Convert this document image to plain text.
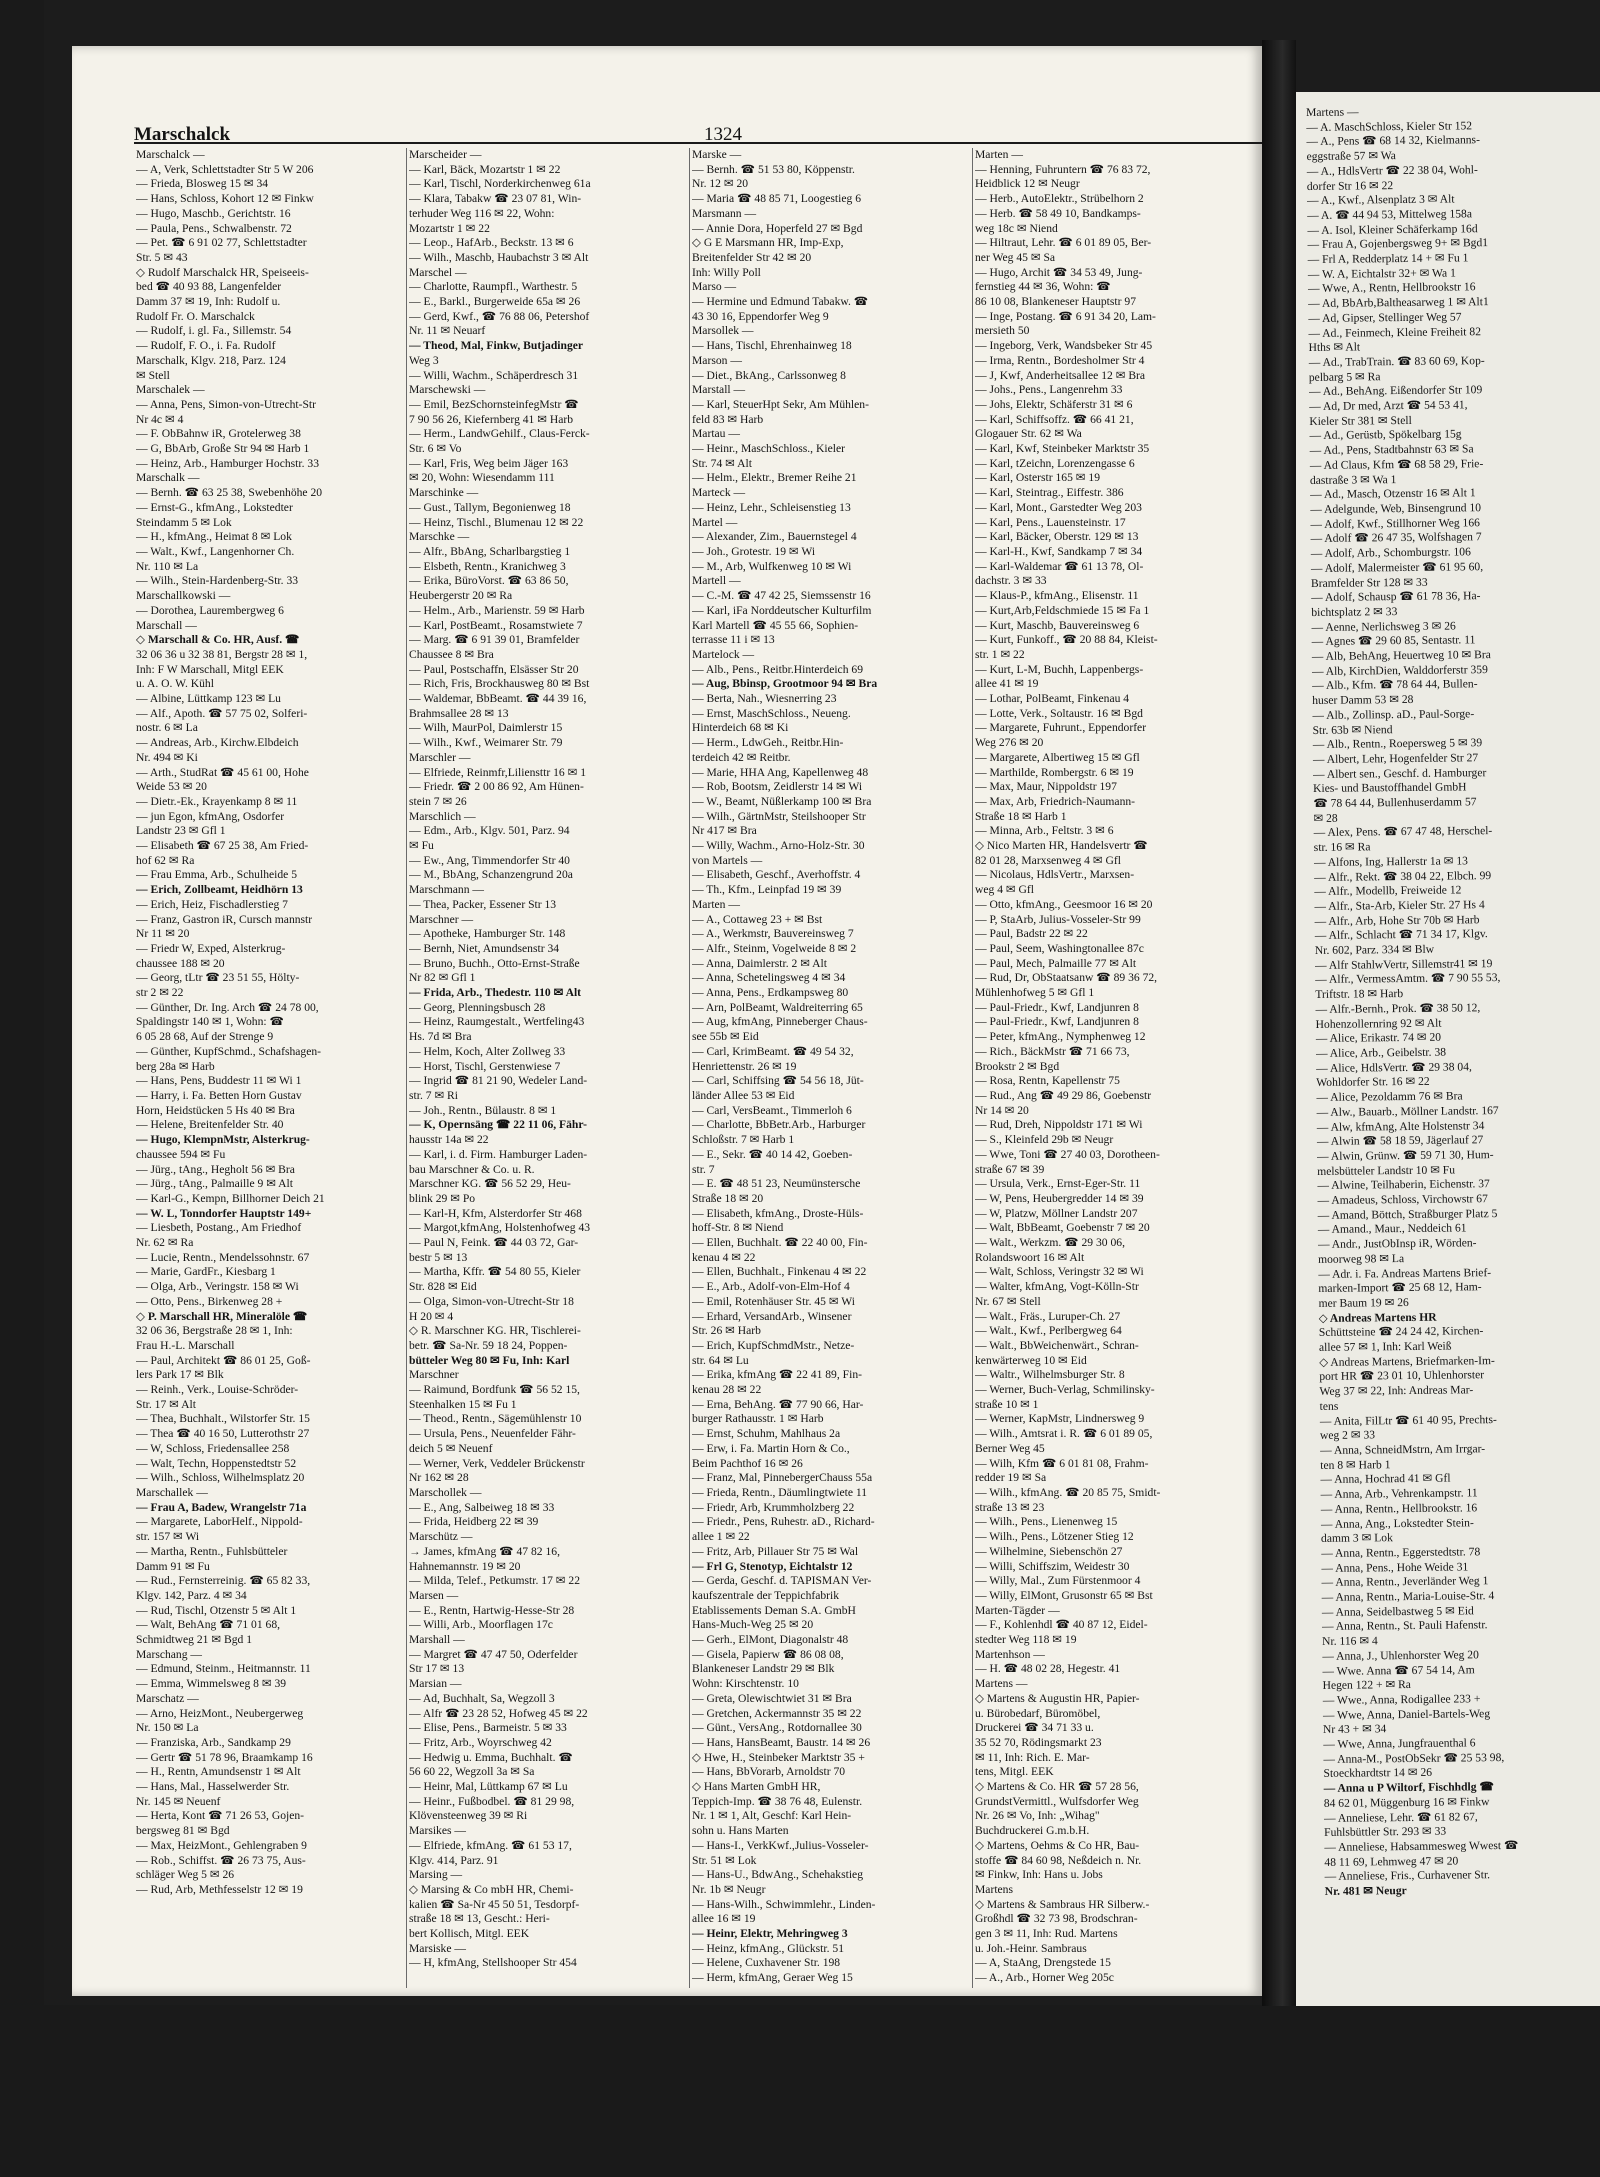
Marschalck	1324
Marschalck —
— A, Verk, Schlettstadter Str 5 W 206
— Frieda, Blosweg 15 ✉ 34
— Hans, Schloss, Kohort 12 ✉ Finkw
— Hugo, Maschb., Gerichtstr. 16
— Paula, Pens., Schwalbenstr. 72
— Pet. ☎ 6 91 02 77, Schlettstadter
Str. 5 ✉ 43
◇ Rudolf Marschalck HR, Speiseeis-
bed ☎ 40 93 88, Langenfelder
Damm 37 ✉ 19, Inh: Rudolf u.
Rudolf Fr. O. Marschalck
— Rudolf, i. gl. Fa., Sillemstr. 54
— Rudolf, F. O., i. Fa. Rudolf
Marschalk, Klgv. 218, Parz. 124
✉ Stell
Marschalek —
— Anna, Pens, Simon-von-Utrecht-Str
Nr 4c ✉ 4
— F. ObBahnw iR, Grotelerweg 38
— G, BbArb, Große Str 94 ✉ Harb 1
— Heinz, Arb., Hamburger Hochstr. 33
Marschalk —
— Bernh. ☎ 63 25 38, Swebenhöhe 20
— Ernst-G., kfmAng., Lokstedter
Steindamm 5 ✉ Lok
— H., kfmAng., Heimat 8 ✉ Lok
— Walt., Kwf., Langenhorner Ch.
Nr. 110 ✉ La
— Wilh., Stein-Hardenberg-Str. 33
Marschallkowski —
— Dorothea, Laurembergweg 6
Marschall —
◇ Marschall & Co. HR, Ausf. ☎
32 06 36 u 32 38 81, Bergstr 28 ✉ 1,
Inh: F W Marschall, Mitgl EEK
u. A. O. W. Kühl
— Albine, Lüttkamp 123 ✉ Lu
— Alf., Apoth. ☎ 57 75 02, Solferi-
nostr. 6 ✉ La
— Andreas, Arb., Kirchw.Elbdeich
Nr. 494 ✉ Ki
— Arth., StudRat ☎ 45 61 00, Hohe
Weide 53 ✉ 20
— Dietr.-Ek., Krayenkamp 8 ✉ 11
— jun Egon, kfmAng, Osdorfer
Landstr 23 ✉ Gfl 1
— Elisabeth ☎ 67 25 38, Am Fried-
hof 62 ✉ Ra
— Frau Emma, Arb., Schulheide 5
— Erich, Zollbeamt, Heidhörn 13
— Erich, Heiz, Fischadlerstieg 7
— Franz, Gastron iR, Cursch mannstr
Nr 11 ✉ 20
— Friedr W, Exped, Alsterkrug-
chaussee 188 ✉ 20
— Georg, tLtr ☎ 23 51 55, Hölty-
str 2 ✉ 22
— Günther, Dr. Ing. Arch ☎ 24 78 00,
Spaldingstr 140 ✉ 1, Wohn: ☎
6 05 28 68, Auf der Strenge 9
— Günther, KupfSchmd., Schafshagen-
berg 28a ✉ Harb
— Hans, Pens, Buddestr 11 ✉ Wi 1
— Harry, i. Fa. Betten Horn Gustav
Horn, Heidstücken 5 Hs 40 ✉ Bra
— Helene, Breitenfelder Str. 40
— Hugo, KlempnMstr, Alsterkrug-
chaussee 594 ✉ Fu
— Jürg., tAng., Hegholt 56 ✉ Bra
— Jürg., tAng., Palmaille 9 ✉ Alt
— Karl-G., Kempn, Billhorner Deich 21
— W. L, Tonndorfer Hauptstr 149+
— Liesbeth, Postang., Am Friedhof
Nr. 62 ✉ Ra
— Lucie, Rentn., Mendelssohnstr. 67
— Marie, GardFr., Kiesbarg 1
— Olga, Arb., Veringstr. 158 ✉ Wi
— Otto, Pens., Birkenweg 28 +
◇ P. Marschall HR, Mineralöle ☎
32 06 36, Bergstraße 28 ✉ 1, Inh:
Frau H.-L. Marschall
— Paul, Architekt ☎ 86 01 25, Goß-
lers Park 17 ✉ Blk
— Reinh., Verk., Louise-Schröder-
Str. 17 ✉ Alt
— Thea, Buchhalt., Wilstorfer Str. 15
— Thea ☎ 40 16 50, Lutterothstr 27
— W, Schloss, Friedensallee 258
— Walt, Techn, Hoppenstedtstr 52
— Wilh., Schloss, Wilhelmsplatz 20
Marschallek —
— Frau A, Badew, Wrangelstr 71a
— Margarete, LaborHelf., Nippold-
str. 157 ✉ Wi
— Martha, Rentn., Fuhlsbütteler
Damm 91 ✉ Fu
— Rud., Fernsterreinig. ☎ 65 82 33,
Klgv. 142, Parz. 4 ✉ 34
— Rud, Tischl, Otzenstr 5 ✉ Alt 1
— Walt, BehAng ☎ 71 01 68,
Schmidtweg 21 ✉ Bgd 1
Marschang —
— Edmund, Steinm., Heitmannstr. 11
— Emma, Wimmelsweg 8 ✉ 39
Marschatz —
— Arno, HeizMont., Neubergerweg
Nr. 150 ✉ La
— Franziska, Arb., Sandkamp 29
— Gertr ☎ 51 78 96, Braamkamp 16
— H., Rentn, Amundsenstr 1 ✉ Alt
— Hans, Mal., Hasselwerder Str.
Nr. 145 ✉ Neuenf
— Herta, Kont ☎ 71 26 53, Gojen-
bergsweg 81 ✉ Bgd
— Max, HeizMont., Gehlengraben 9
— Rob., Schiffst. ☎ 26 73 75, Aus-
schläger Weg 5 ✉ 26
— Rud, Arb, Methfesselstr 12 ✉ 19
Marscheider —
— Karl, Bäck, Mozartstr 1 ✉ 22
— Karl, Tischl, Norderkirchenweg 61a
— Klara, Tabakw ☎ 23 07 81, Win-
terhuder Weg 116 ✉ 22, Wohn:
Mozartstr 1 ✉ 22
— Leop., HafArb., Beckstr. 13 ✉ 6
— Wilh., Maschb, Haubachstr 3 ✉ Alt
Marschel —
— Charlotte, Raumpfl., Warthestr. 5
— E., Barkl., Burgerweide 65a ✉ 26
— Gerd, Kwf., ☎ 76 88 06, Petershof
Nr. 11 ✉ Neuarf
— Theod, Mal, Finkw, Butjadinger
Weg 3
— Willi, Wachm., Schäperdresch 31
Marschewski —
— Emil, BezSchornsteinfegMstr ☎
7 90 56 26, Kiefernberg 41 ✉ Harb
— Herm., LandwGehilf., Claus-Ferck-
Str. 6 ✉ Vo
— Karl, Fris, Weg beim Jäger 163
✉ 20, Wohn: Wiesendamm 111
Marschinke —
— Gust., Tallym, Begonienweg 18
— Heinz, Tischl., Blumenau 12 ✉ 22
Marschke —
— Alfr., BbAng, Scharlbargstieg 1
— Elsbeth, Rentn., Kranichweg 3
— Erika, BüroVorst. ☎ 63 86 50,
Heubergerstr 20 ✉ Ra
— Helm., Arb., Marienstr. 59 ✉ Harb
— Karl, PostBeamt., Rosamstwiete 7
— Marg. ☎ 6 91 39 01, Bramfelder
Chaussee 8 ✉ Bra
— Paul, Postschaffn, Elsässer Str 20
— Rich, Fris, Brockhausweg 80 ✉ Bst
— Waldemar, BbBeamt. ☎ 44 39 16,
Brahmsallee 28 ✉ 13
— Wilh, MaurPol, Daimlerstr 15
— Wilh., Kwf., Weimarer Str. 79
Marschler —
— Elfriede, Reinmfr,Liliensttr 16 ✉ 1
— Friedr. ☎ 2 00 86 92, Am Hünen-
stein 7 ✉ 26
Marschlich —
— Edm., Arb., Klgv. 501, Parz. 94
✉ Fu
— Ew., Ang, Timmendorfer Str 40
— M., BbAng, Schanzengrund 20a
Marschmann —
— Thea, Packer, Essener Str 13
Marschner —
— Apotheke, Hamburger Str. 148
— Bernh, Niet, Amundsenstr 34
— Bruno, Buchh., Otto-Ernst-Straße
Nr 82 ✉ Gfl 1
— Frida, Arb., Thedestr. 110 ✉ Alt
— Georg, Plenningsbusch 28
— Heinz, Raumgestalt., Wertfeling43
Hs. 7d ✉ Bra
— Helm, Koch, Alter Zollweg 33
— Horst, Tischl, Gerstenwiese 7
— Ingrid ☎ 81 21 90, Wedeler Land-
str. 7 ✉ Ri
— Joh., Rentn., Bülaustr. 8 ✉ 1
— K, Opernsäng ☎ 22 11 06, Fähr-
hausstr 14a ✉ 22
— Karl, i. d. Firm. Hamburger Laden-
bau Marschner & Co. u. R.
Marschner KG. ☎ 56 52 29, Heu-
blink 29 ✉ Po
— Karl-H, Kfm, Alsterdorfer Str 468
— Margot,kfmAng, Holstenhofweg 43
— Paul N, Feink. ☎ 44 03 72, Gar-
bestr 5 ✉ 13
— Martha, Kffr. ☎ 54 80 55, Kieler
Str. 828 ✉ Eid
— Olga, Simon-von-Utrecht-Str 18
H 20 ✉ 4
◇ R. Marschner KG. HR, Tischlerei-
betr. ☎ Sa-Nr. 59 18 24, Poppen-
bütteler Weg 80 ✉ Fu, Inh: Karl
Marschner
— Raimund, Bordfunk ☎ 56 52 15,
Steenhalken 15 ✉ Fu 1
— Theod., Rentn., Sägemühlenstr 10
— Ursula, Pens., Neuenfelder Fähr-
deich 5 ✉ Neuenf
— Werner, Verk, Veddeler Brückenstr
Nr 162 ✉ 28
Marschollek —
— E., Ang, Salbeiweg 18 ✉ 33
— Frida, Heidberg 22 ✉ 39
Marschütz —
→ James, kfmAng ☎ 47 82 16,
Hahnemannstr. 19 ✉ 20
— Milda, Telef., Petkumstr. 17 ✉ 22
Marsen —
— E., Rentn, Hartwig-Hesse-Str 28
— Willi, Arb., Moorflagen 17c
Marshall —
— Margret ☎ 47 47 50, Oderfelder
Str 17 ✉ 13
Marsian —
— Ad, Buchhalt, Sa, Wegzoll 3
— Alfr ☎ 23 28 52, Hofweg 45 ✉ 22
— Elise, Pens., Barmeistr. 5 ✉ 33
— Fritz, Arb., Woyrschweg 42
— Hedwig u. Emma, Buchhalt. ☎
56 60 22, Wegzoll 3a ✉ Sa
— Heinr, Mal, Lüttkamp 67 ✉ Lu
— Heinr., Fußbodbel. ☎ 81 29 98,
Klövensteenweg 39 ✉ Ri
Marsikes —
— Elfriede, kfmAng. ☎ 61 53 17,
Klgv. 414, Parz. 91
Marsing —
◇ Marsing & Co mbH HR, Chemi-
kalien ☎ Sa-Nr 45 50 51, Tesdorpf-
straße 18 ✉ 13, Gescht.: Heri-
bert Kollisch, Mitgl. EEK
Marsiske —
— H, kfmAng, Stellshooper Str 454
Marske —
— Bernh. ☎ 51 53 80, Köppenstr.
Nr. 12 ✉ 20
— Maria ☎ 48 85 71, Loogestieg 6
Marsmann —
— Annie Dora, Hoperfeld 27 ✉ Bgd
◇ G E Marsmann HR, Imp-Exp,
Breitenfelder Str 42 ✉ 20
Inh: Willy Poll
Marso —
— Hermine und Edmund Tabakw. ☎
43 30 16, Eppendorfer Weg 9
Marsollek —
— Hans, Tischl, Ehrenhainweg 18
Marson —
— Diet., BkAng., Carlssonweg 8
Marstall —
— Karl, SteuerHpt Sekr, Am Mühlen-
feld 83 ✉ Harb
Martau —
— Heinr., MaschSchloss., Kieler
Str. 74 ✉ Alt
— Helm., Elektr., Bremer Reihe 21
Marteck —
— Heinz, Lehr., Schleisenstieg 13
Martel —
— Alexander, Zim., Bauernstegel 4
— Joh., Grotestr. 19 ✉ Wi
— M., Arb, Wulfkenweg 10 ✉ Wi
Martell —
— C.-M. ☎ 47 42 25, Siemssenstr 16
— Karl, iFa Norddeutscher Kulturfilm
Karl Martell ☎ 45 55 66, Sophien-
terrasse 11 i ✉ 13
Martelock —
— Alb., Pens., Reitbr.Hinterdeich 69
— Aug, Bbinsp, Grootmoor 94 ✉ Bra
— Berta, Nah., Wiesnerring 23
— Ernst, MaschSchloss., Neueng.
Hinterdeich 68 ✉ Ki
— Herm., LdwGeh., Reitbr.Hin-
terdeich 42 ✉ Reitbr.
— Marie, HHA Ang, Kapellenweg 48
— Rob, Bootsm, Zeidlerstr 14 ✉ Wi
— W., Beamt, Nüßlerkamp 100 ✉ Bra
— Wilh., GärtnMstr, Steilshooper Str
Nr 417 ✉ Bra
— Willy, Wachm., Arno-Holz-Str. 30
von Martels —
— Elisabeth, Geschf., Averhoffstr. 4
— Th., Kfm., Leinpfad 19 ✉ 39
Marten —
— A., Cottaweg 23 + ✉ Bst
— A., Werkmstr, Bauvereinsweg 7
— Alfr., Steinm, Vogelweide 8 ✉ 2
— Anna, Daimlerstr. 2 ✉ Alt
— Anna, Schetelingsweg 4 ✉ 34
— Anna, Pens., Erdkampsweg 80
— Arn, PolBeamt, Waldreiterring 65
— Aug, kfmAng, Pinneberger Chaus-
see 55b ✉ Eid
— Carl, KrimBeamt. ☎ 49 54 32,
Henriettenstr. 26 ✉ 19
— Carl, Schiffsing ☎ 54 56 18, Jüt-
länder Allee 53 ✉ Eid
— Carl, VersBeamt., Timmerloh 6
— Charlotte, BbBetr.Arb., Harburger
Schloßstr. 7 ✉ Harb 1
— E., Sekr. ☎ 40 14 42, Goeben-
str. 7
— E. ☎ 48 51 23, Neumünstersche
Straße 18 ✉ 20
— Elisabeth, kfmAng., Droste-Hüls-
hoff-Str. 8 ✉ Niend
— Ellen, Buchhalt. ☎ 22 40 00, Fin-
kenau 4 ✉ 22
— Ellen, Buchhalt., Finkenau 4 ✉ 22
— E., Arb., Adolf-von-Elm-Hof 4
— Emil, Rotenhäuser Str. 45 ✉ Wi
— Erhard, VersandArb., Winsener
Str. 26 ✉ Harb
— Erich, KupfSchmdMstr., Netze-
str. 64 ✉ Lu
— Erika, kfmAng ☎ 22 41 89, Fin-
kenau 28 ✉ 22
— Erna, BehAng. ☎ 77 90 66, Har-
burger Rathausstr. 1 ✉ Harb
— Ernst, Schuhm, Mahlhaus 2a
— Erw, i. Fa. Martin Horn & Co.,
Beim Pachthof 16 ✉ 26
— Franz, Mal, PinnebergerChauss 55a
— Frieda, Rentn., Däumlingtwiete 11
— Friedr, Arb, Krummholzberg 22
— Friedr., Pens, Ruhestr. aD., Richard-
allee 1 ✉ 22
— Fritz, Arb, Pillauer Str 75 ✉ Wal
— Frl G, Stenotyp, Eichtalstr 12
— Gerda, Geschf. d. TAPISMAN Ver-
kaufszentrale der Teppichfabrik
Etablissements Deman S.A. GmbH
Hans-Much-Weg 25 ✉ 20
— Gerh., ElMont, Diagonalstr 48
— Gisela, Papierw ☎ 86 08 08,
Blankeneser Landstr 29 ✉ Blk
Wohn: Kirschtenstr. 10
— Greta, Olewischtwiet 31 ✉ Bra
— Gretchen, Ackermannstr 35 ✉ 22
— Günt., VersAng., Rotdornallee 30
— Hans, HansBeamt, Baustr. 14 ✉ 26
◇ Hwe, H., Steinbeker Marktstr 35 +
— Hans, BbVorarb, Arnoldstr 70
◇ Hans Marten GmbH HR,
Teppich-Imp. ☎ 38 76 48, Eulenstr.
Nr. 1 ✉ 1, Alt, Geschf: Karl Hein-
sohn u. Hans Marten
— Hans-I., VerkKwf.,Julius-Vosseler-
Str. 51 ✉ Lok
— Hans-U., BdwAng., Schehakstieg
Nr. 1b ✉ Neugr
— Hans-Wilh., Schwimmlehr., Linden-
allee 16 ✉ 19
— Heinr, Elektr, Mehringweg 3
— Heinz, kfmAng., Glückstr. 51
— Helene, Cuxhavener Str. 198
— Herm, kfmAng, Geraer Weg 15
Marten —
— Henning, Fuhruntern ☎ 76 83 72,
Heidblick 12 ✉ Neugr
— Herb., AutoElektr., Strübelhorn 2
— Herb. ☎ 58 49 10, Bandkamps-
weg 18c ✉ Niend
— Hiltraut, Lehr. ☎ 6 01 89 05, Ber-
ner Weg 45 ✉ Sa
— Hugo, Archit ☎ 34 53 49, Jung-
fernstieg 44 ✉ 36, Wohn: ☎
86 10 08, Blankeneser Hauptstr 97
— Inge, Postang. ☎ 6 91 34 20, Lam-
mersieth 50
— Ingeborg, Verk, Wandsbeker Str 45
— Irma, Rentn., Bordesholmer Str 4
— J, Kwf, Anderheitsallee 12 ✉ Bra
— Johs., Pens., Langenrehm 33
— Johs, Elektr, Schäferstr 31 ✉ 6
— Karl, Schiffsoffz. ☎ 66 41 21,
Glogauer Str. 62 ✉ Wa
— Karl, Kwf, Steinbeker Marktstr 35
— Karl, tZeichn, Lorenzengasse 6
— Karl, Osterstr 165 ✉ 19
— Karl, Steintrag., Eiffestr. 386
— Karl, Mont., Garstedter Weg 203
— Karl, Pens., Lauensteinstr. 17
— Karl, Bäcker, Oberstr. 129 ✉ 13
— Karl-H., Kwf, Sandkamp 7 ✉ 34
— Karl-Waldemar ☎ 61 13 78, Ol-
dachstr. 3 ✉ 33
— Klaus-P., kfmAng., Elisenstr. 11
— Kurt,Arb,Feldschmiede 15 ✉ Fa 1
— Kurt, Maschb, Bauvereinsweg 6
— Kurt, Funkoff., ☎ 20 88 84, Kleist-
str. 1 ✉ 22
— Kurt, L-M, Buchh, Lappenbergs-
allee 41 ✉ 19
— Lothar, PolBeamt, Finkenau 4
— Lotte, Verk., Soltaustr. 16 ✉ Bgd
— Margarete, Fuhrunt., Eppendorfer
Weg 276 ✉ 20
— Margarete, Albertiweg 15 ✉ Gfl
— Marthilde, Rombergstr. 6 ✉ 19
— Max, Maur, Nippoldstr 197
— Max, Arb, Friedrich-Naumann-
Straße 18 ✉ Harb 1
— Minna, Arb., Feltstr. 3 ✉ 6
◇ Nico Marten HR, Handelsvertr ☎
82 01 28, Marxsenweg 4 ✉ Gfl
— Nicolaus, HdlsVertr., Marxsen-
weg 4 ✉ Gfl
— Otto, kfmAng., Geesmoor 16 ✉ 20
— P, StaArb, Julius-Vosseler-Str 99
— Paul, Badstr 22 ✉ 22
— Paul, Seem, Washingtonallee 87c
— Paul, Mech, Palmaille 77 ✉ Alt
— Rud, Dr, ObStaatsanw ☎ 89 36 72,
Mühlenhofweg 5 ✉ Gfl 1
— Paul-Friedr., Kwf, Landjunren 8
— Paul-Friedr., Kwf, Landjunren 8
— Peter, kfmAng., Nymphenweg 12
— Rich., BäckMstr ☎ 71 66 73,
Brookstr 2 ✉ Bgd
— Rosa, Rentn, Kapellenstr 75
— Rud., Ang ☎ 49 29 86, Goebenstr
Nr 14 ✉ 20
— Rud, Dreh, Nippoldstr 171 ✉ Wi
— S., Kleinfeld 29b ✉ Neugr
— Wwe, Toni ☎ 27 40 03, Dorotheen-
straße 67 ✉ 39
— Ursula, Verk., Ernst-Eger-Str. 11
— W, Pens, Heubergredder 14 ✉ 39
— W, Platzw, Möllner Landstr 207
— Walt, BbBeamt, Goebenstr 7 ✉ 20
— Walt., Werkzm. ☎ 29 30 06,
Rolandswoort 16 ✉ Alt
— Walt, Schloss, Veringstr 32 ✉ Wi
— Walter, kfmAng, Vogt-Kölln-Str
Nr. 67 ✉ Stell
— Walt., Fräs., Luruper-Ch. 27
— Walt., Kwf., Perlbergweg 64
— Walt., BbWeichenwärt., Schran-
kenwärterweg 10 ✉ Eid
— Waltr., Wilhelmsburger Str. 8
— Werner, Buch-Verlag, Schmilinsky-
straße 10 ✉ 1
— Werner, KapMstr, Lindnersweg 9
— Wilh., Amtsrat i. R. ☎ 6 01 89 05,
Berner Weg 45
— Wilh, Kfm ☎ 6 01 81 08, Frahm-
redder 19 ✉ Sa
— Wilh., kfmAng. ☎ 20 85 75, Smidt-
straße 13 ✉ 23
— Wilh., Pens., Lienenweg 15
— Wilh., Pens., Lötzener Stieg 12
— Wilhelmine, Siebenschön 27
— Willi, Schiffszim, Weidestr 30
— Willy, Mal., Zum Fürstenmoor 4
— Willy, ElMont, Grusonstr 65 ✉ Bst
Marten-Tägder —
— F., Kohlenhdl ☎ 40 87 12, Eidel-
stedter Weg 118 ✉ 19
Martenhson —
— H. ☎ 48 02 28, Hegestr. 41
Martens —
◇ Martens & Augustin HR, Papier-
u. Bürobedarf, Büromöbel,
Druckerei ☎ 34 71 33 u.
35 52 70, Rödingsmarkt 23
✉ 11, Inh: Rich. E. Mar-
tens, Mitgl. EEK
◇ Martens & Co. HR ☎ 57 28 56,
GrundstVermittl., Wulfsdorfer Weg
Nr. 26 ✉ Vo, Inh: „Wihag"
Buchdruckerei G.m.b.H.
◇ Martens, Oehms & Co HR, Bau-
stoffe ☎ 84 60 98, Neßdeich n. Nr.
✉ Finkw, Inh: Hans u. Jobs
Martens
◇ Martens & Sambraus HR Silberw.-
Großhdl ☎ 32 73 98, Brodschran-
gen 3 ✉ 11, Inh: Rud. Martens
u. Joh.-Heinr. Sambraus
— A, StaAng, Drengstede 15
— A., Arb., Horner Weg 205c
Martens —
— A. MaschSchloss, Kieler Str 152
— A., Pens ☎ 68 14 32, Kielmanns-
eggstraße 57 ✉ Wa
— A., HdlsVertr ☎ 22 38 04, Wohl-
dorfer Str 16 ✉ 22
— A., Kwf., Alsenplatz 3 ✉ Alt
— A. ☎ 44 94 53, Mittelweg 158a
— A. Isol, Kleiner Schäferkamp 16d
— Frau A, Gojenbergsweg 9+ ✉ Bgd1
— Frl A, Redderplatz 14 + ✉ Fu 1
— W. A, Eichtalstr 32+ ✉ Wa 1
— Wwe, A., Rentn, Hellbrookstr 16
— Ad, BbArb,Baltheasarweg 1 ✉ Alt1
— Ad, Gipser, Stellinger Weg 57
— Ad., Feinmech, Kleine Freiheit 82
Hths ✉ Alt
— Ad., TrabTrain. ☎ 83 60 69, Kop-
pelbarg 5 ✉ Ra
— Ad., BehAng. Eißendorfer Str 109
— Ad, Dr med, Arzt ☎ 54 53 41,
Kieler Str 381 ✉ Stell
— Ad., Gerüstb, Spökelbarg 15g
— Ad., Pens, Stadtbahnstr 63 ✉ Sa
— Ad Claus, Kfm ☎ 68 58 29, Frie-
dastraße 3 ✉ Wa 1
— Ad., Masch, Otzenstr 16 ✉ Alt 1
— Adelgunde, Web, Binsengrund 10
— Adolf, Kwf., Stillhorner Weg 166
— Adolf ☎ 26 47 35, Wolfshagen 7
— Adolf, Arb., Schomburgstr. 106
— Adolf, Malermeister ☎ 61 95 60,
Bramfelder Str 128 ✉ 33
— Adolf, Schausp ☎ 61 78 36, Ha-
bichtsplatz 2 ✉ 33
— Aenne, Nerlichsweg 3 ✉ 26
— Agnes ☎ 29 60 85, Sentastr. 11
— Alb, BehAng, Heuertweg 10 ✉ Bra
— Alb, KirchDien, Walddorferstr 359
— Alb., Kfm. ☎ 78 64 44, Bullen-
huser Damm 53 ✉ 28
— Alb., Zollinsp. aD., Paul-Sorge-
Str. 63b ✉ Niend
— Alb., Rentn., Roepersweg 5 ✉ 39
— Albert, Lehr, Hogenfelder Str 27
— Albert sen., Geschf. d. Hamburger
Kies- und Baustoffhandel GmbH
☎ 78 64 44, Bullenhuserdamm 57
✉ 28
— Alex, Pens. ☎ 67 47 48, Herschel-
str. 16 ✉ Ra
— Alfons, Ing, Hallerstr 1a ✉ 13
— Alfr., Rekt. ☎ 38 04 22, Elbch. 99
— Alfr., Modellb, Freiweide 12
— Alfr., Sta-Arb, Kieler Str. 27 Hs 4
— Alfr., Arb, Hohe Str 70b ✉ Harb
— Alfr., Schlacht ☎ 71 34 17, Klgv.
Nr. 602, Parz. 334 ✉ Blw
— Alfr StahlwVertr, Sillemstr41 ✉ 19
— Alfr., VermessAmtm. ☎ 7 90 55 53,
Triftstr. 18 ✉ Harb
— Alfr.-Bernh., Prok. ☎ 38 50 12,
Hohenzollernring 92 ✉ Alt
— Alice, Erikastr. 74 ✉ 20
— Alice, Arb., Geibelstr. 38
— Alice, HdlsVertr. ☎ 29 38 04,
Wohldorfer Str. 16 ✉ 22
— Alice, Pezoldamm 76 ✉ Bra
— Alw., Bauarb., Möllner Landstr. 167
— Alw, kfmAng, Alte Holstenstr 34
— Alwin ☎ 58 18 59, Jägerlauf 27
— Alwin, Grünw. ☎ 59 71 30, Hum-
melsbütteler Landstr 10 ✉ Fu
— Alwine, Teilhaberin, Eichenstr. 37
— Amadeus, Schloss, Virchowstr 67
— Amand, Böttch, Straßburger Platz 5
— Amand., Maur., Neddeich 61
— Andr., JustObInsp iR, Wörden-
moorweg 98 ✉ La
— Adr. i. Fa. Andreas Martens Brief-
marken-Import ☎ 25 68 12, Ham-
mer Baum 19 ✉ 26
◇ Andreas Martens HR
Schüttsteine ☎ 24 24 42, Kirchen-
allee 57 ✉ 1, Inh: Karl Weiß
◇ Andreas Martens, Briefmarken-Im-
port HR ☎ 23 01 10, Uhlenhorster
Weg 37 ✉ 22, Inh: Andreas Mar-
tens
— Anita, FilLtr ☎ 61 40 95, Prechts-
weg 2 ✉ 33
— Anna, SchneidMstrn, Am Irrgar-
ten 8 ✉ Harb 1
— Anna, Hochrad 41 ✉ Gfl
— Anna, Arb., Vehrenkampstr. 11
— Anna, Rentn., Hellbrookstr. 16
— Anna, Ang., Lokstedter Stein-
damm 3 ✉ Lok
— Anna, Rentn., Eggerstedtstr. 78
— Anna, Pens., Hohe Weide 31
— Anna, Rentn., Jeverländer Weg 1
— Anna, Rentn., Maria-Louise-Str. 4
— Anna, Seidelbastweg 5 ✉ Eid
— Anna, Rentn., St. Pauli Hafenstr.
Nr. 116 ✉ 4
— Anna, J., Uhlenhorster Weg 20
— Wwe. Anna ☎ 67 54 14, Am
Hegen 122 + ✉ Ra
— Wwe., Anna, Rodigallee 233 +
— Wwe, Anna, Daniel-Bartels-Weg
Nr 43 + ✉ 34
— Wwe, Anna, Jungfrauenthal 6
— Anna-M., PostObSekr ☎ 25 53 98,
Stoeckhardtstr 14 ✉ 26
— Anna u P Wiltorf, Fischhdlg ☎
84 62 01, Müggenburg 16 ✉ Finkw
— Anneliese, Lehr. ☎ 61 82 67,
Fuhlsbüttler Str. 293 ✉ 33
— Anneliese, Habsammesweg Wwest ☎
48 11 69, Lehmweg 47 ✉ 20
— Anneliese, Fris., Curhavener Str.
Nr. 481 ✉ Neugr
